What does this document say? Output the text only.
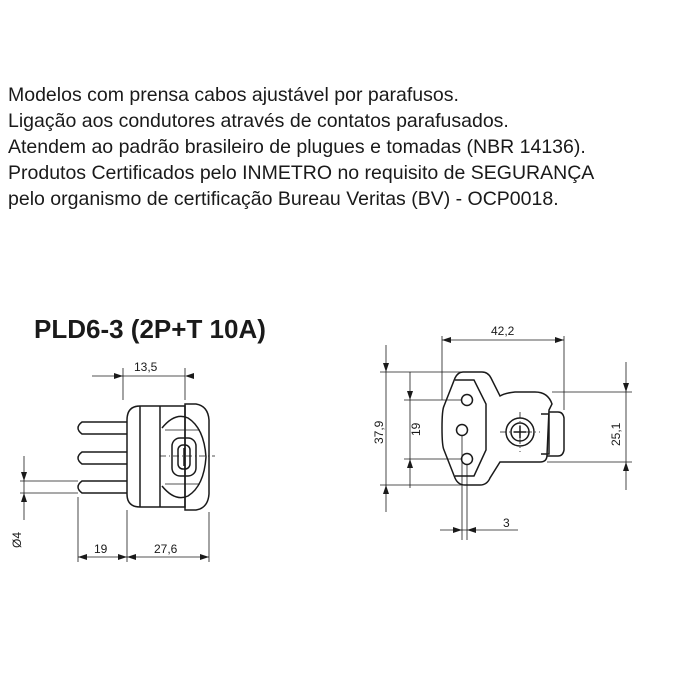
Modelos com prensa cabos ajustável por parafusos.
Ligação aos condutores através de contatos parafusados.
Atendem ao padrão brasileiro de plugues e tomadas (NBR 14136).
Produtos Certificados pelo INMETRO no requisito de SEGURANÇA
pelo organismo de certificação Bureau Veritas (BV) - OCP0018.
PLD6-3 (2P+T 10A)
13,5
Ø4
19	27,6
42,2
37,9 19	25,1
3
